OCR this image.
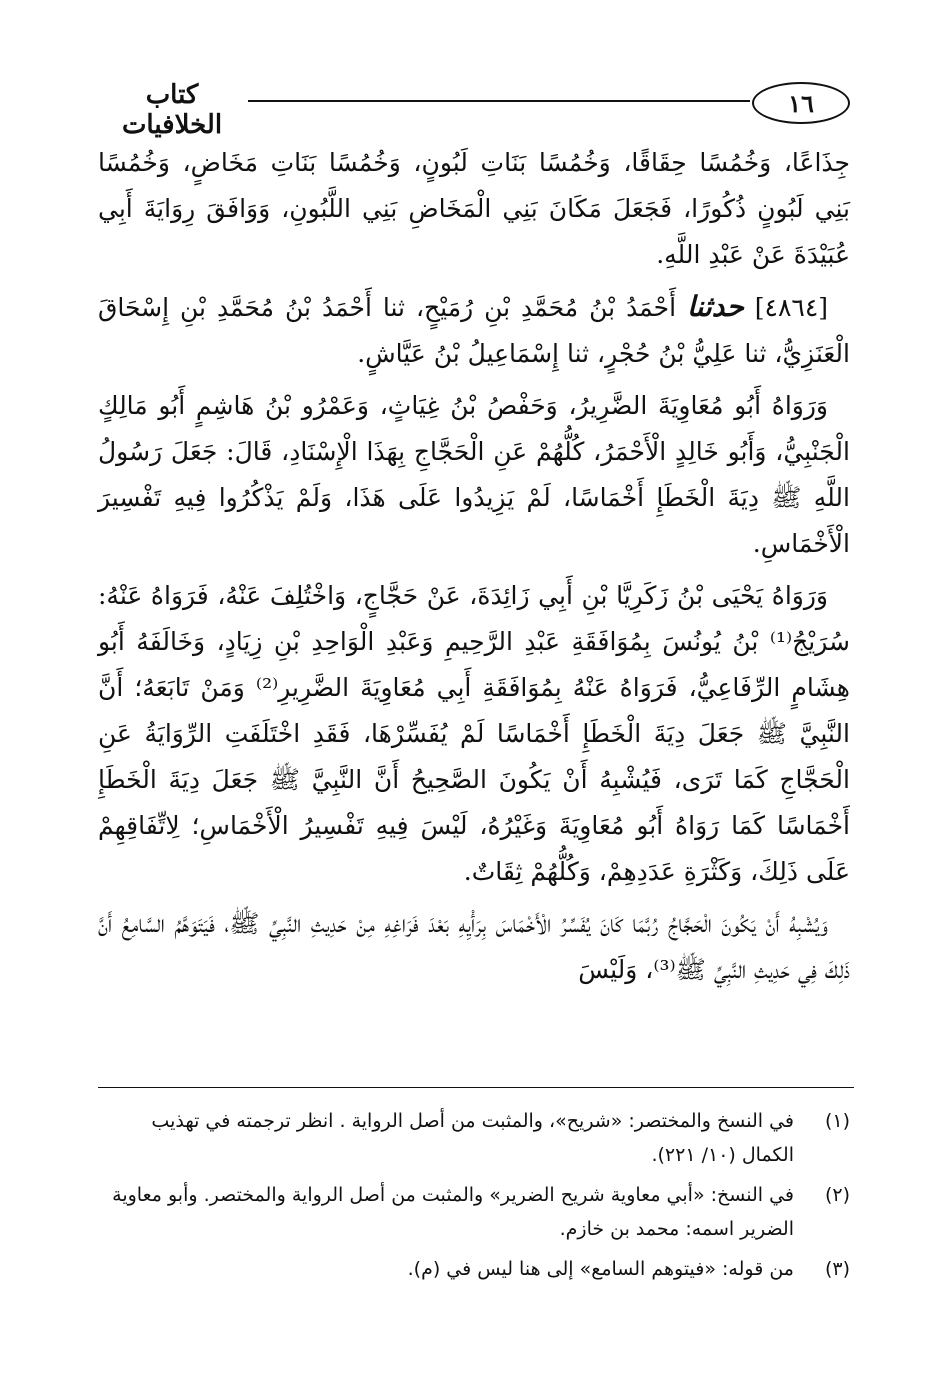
١٦
كتاب الخلافيات

جِذَاعًا، وَخُمُسًا حِقَاقًا، وَخُمُسًا بَنَاتِ لَبُونٍ، وَخُمُسًا بَنَاتِ مَخَاضٍ، وَخُمُسًا بَنِي لَبُونٍ ذُكُورًا، فَجَعَلَ مَكَانَ بَنِي الْمَخَاضِ بَنِي اللَّبُونِ، وَوَافَقَ رِوَايَةَ أَبِي عُبَيْدَةَ عَنْ عَبْدِ اللَّهِ.

[٤٨٦٤] حدثنا أَحْمَدُ بْنُ مُحَمَّدِ بْنِ رُمَيْحٍ، ثنا أَحْمَدُ بْنُ مُحَمَّدِ بْنِ إِسْحَاقَ الْعَنَزِيُّ، ثنا عَلِيُّ بْنُ حُجْرٍ، ثنا إِسْمَاعِيلُ بْنُ عَيَّاشٍ.

وَرَوَاهُ أَبُو مُعَاوِيَةَ الضَّرِيرُ، وَحَفْصُ بْنُ غِيَاثٍ، وَعَمْرُو بْنُ هَاشِمٍ أَبُو مَالِكٍ الْجَنْبِيُّ، وَأَبُو خَالِدٍ الْأَحْمَرُ، كُلُّهُمْ عَنِ الْحَجَّاجِ بِهَذَا الْإِسْنَادِ، قَالَ: جَعَلَ رَسُولُ اللَّهِ ﷺ دِيَةَ الْخَطَإِ أَخْمَاسًا، لَمْ يَزِيدُوا عَلَى هَذَا، وَلَمْ يَذْكُرُوا فِيهِ تَفْسِيرَ الْأَخْمَاسِ.

وَرَوَاهُ يَحْيَى بْنُ زَكَرِيَّا بْنِ أَبِي زَائِدَةَ، عَنْ حَجَّاجٍ، وَاخْتُلِفَ عَنْهُ، فَرَوَاهُ عَنْهُ: سُرَيْجُ⁽¹⁾ بْنُ يُونُسَ بِمُوَافَقَةِ عَبْدِ الرَّحِيمِ وَعَبْدِ الْوَاحِدِ بْنِ زِيَادٍ، وَخَالَفَهُ أَبُو هِشَامٍ الرِّفَاعِيُّ، فَرَوَاهُ عَنْهُ بِمُوَافَقَةِ أَبِي مُعَاوِيَةَ الضَّرِيرِ⁽²⁾ وَمَنْ تَابَعَهُ؛ أَنَّ النَّبِيَّ ﷺ جَعَلَ دِيَةَ الْخَطَإِ أَخْمَاسًا لَمْ يُفَسِّرْهَا، فَقَدِ اخْتَلَفَتِ الرِّوَايَةُ عَنِ الْحَجَّاجِ كَمَا تَرَى، فَيُشْبِهُ أَنْ يَكُونَ الصَّحِيحُ أَنَّ النَّبِيَّ ﷺ جَعَلَ دِيَةَ الْخَطَإِ أَخْمَاسًا كَمَا رَوَاهُ أَبُو مُعَاوِيَةَ وَغَيْرُهُ، لَيْسَ فِيهِ تَفْسِيرُ الْأَخْمَاسِ؛ لِاتِّفَاقِهِمْ عَلَى ذَلِكَ، وَكَثْرَةِ عَدَدِهِمْ، وَكُلُّهُمْ ثِقَاتٌ.

وَيُشْبِهُ أَنْ يَكُونَ الْحَجَّاجُ رُبَّمَا كَانَ يُفَسِّرُ الْأَخْمَاسَ بِرَأْيِهِ بَعْدَ فَرَاغِهِ مِنْ حَدِيثِ النَّبِيِّ ﷺ، فَيَتَوَهَّمُ السَّامِعُ أَنَّ ذَلِكَ فِي حَدِيثِ النَّبِيِّ ﷺ⁽³⁾، وَلَيْسَ

(١)
في النسخ والمختصر: «شريح»، والمثبت من أصل الرواية . انظر ترجمته في تهذيب الكمال (١٠/ ٢٢١).
(٢)
في النسخ: «أبي معاوية شريح الضرير» والمثبت من أصل الرواية والمختصر. وأبو معاوية الضرير اسمه: محمد بن خازم.
(٣)
من قوله: «فيتوهم السامع» إلى هنا ليس في (م).
